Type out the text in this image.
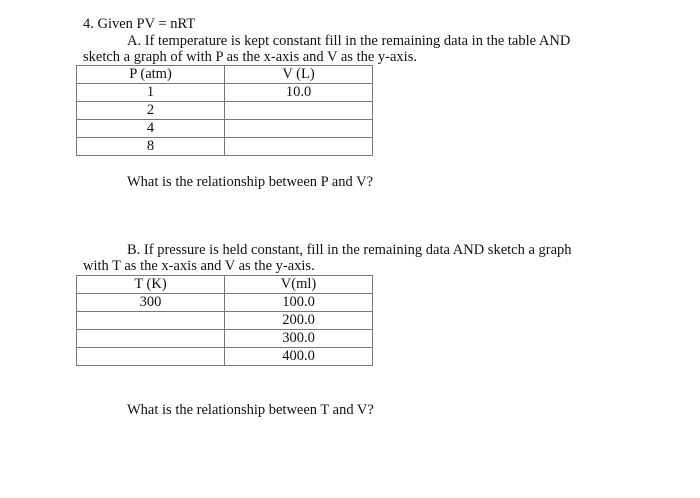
4. Given PV = nRT
A. If temperature is kept constant fill in the remaining data in the table AND
sketch a graph of with P as the x-axis and V as the y-axis.
P (atm)	V (L)
1	10.0
2	
4	
8	
What is the relationship between P and V?
B. If pressure is held constant, fill in the remaining data AND sketch a graph
with T as the x-axis and V as the y-axis.
T (K)	V(ml)
300	100.0
	200.0
	300.0
	400.0
What is the relationship between T and V?
